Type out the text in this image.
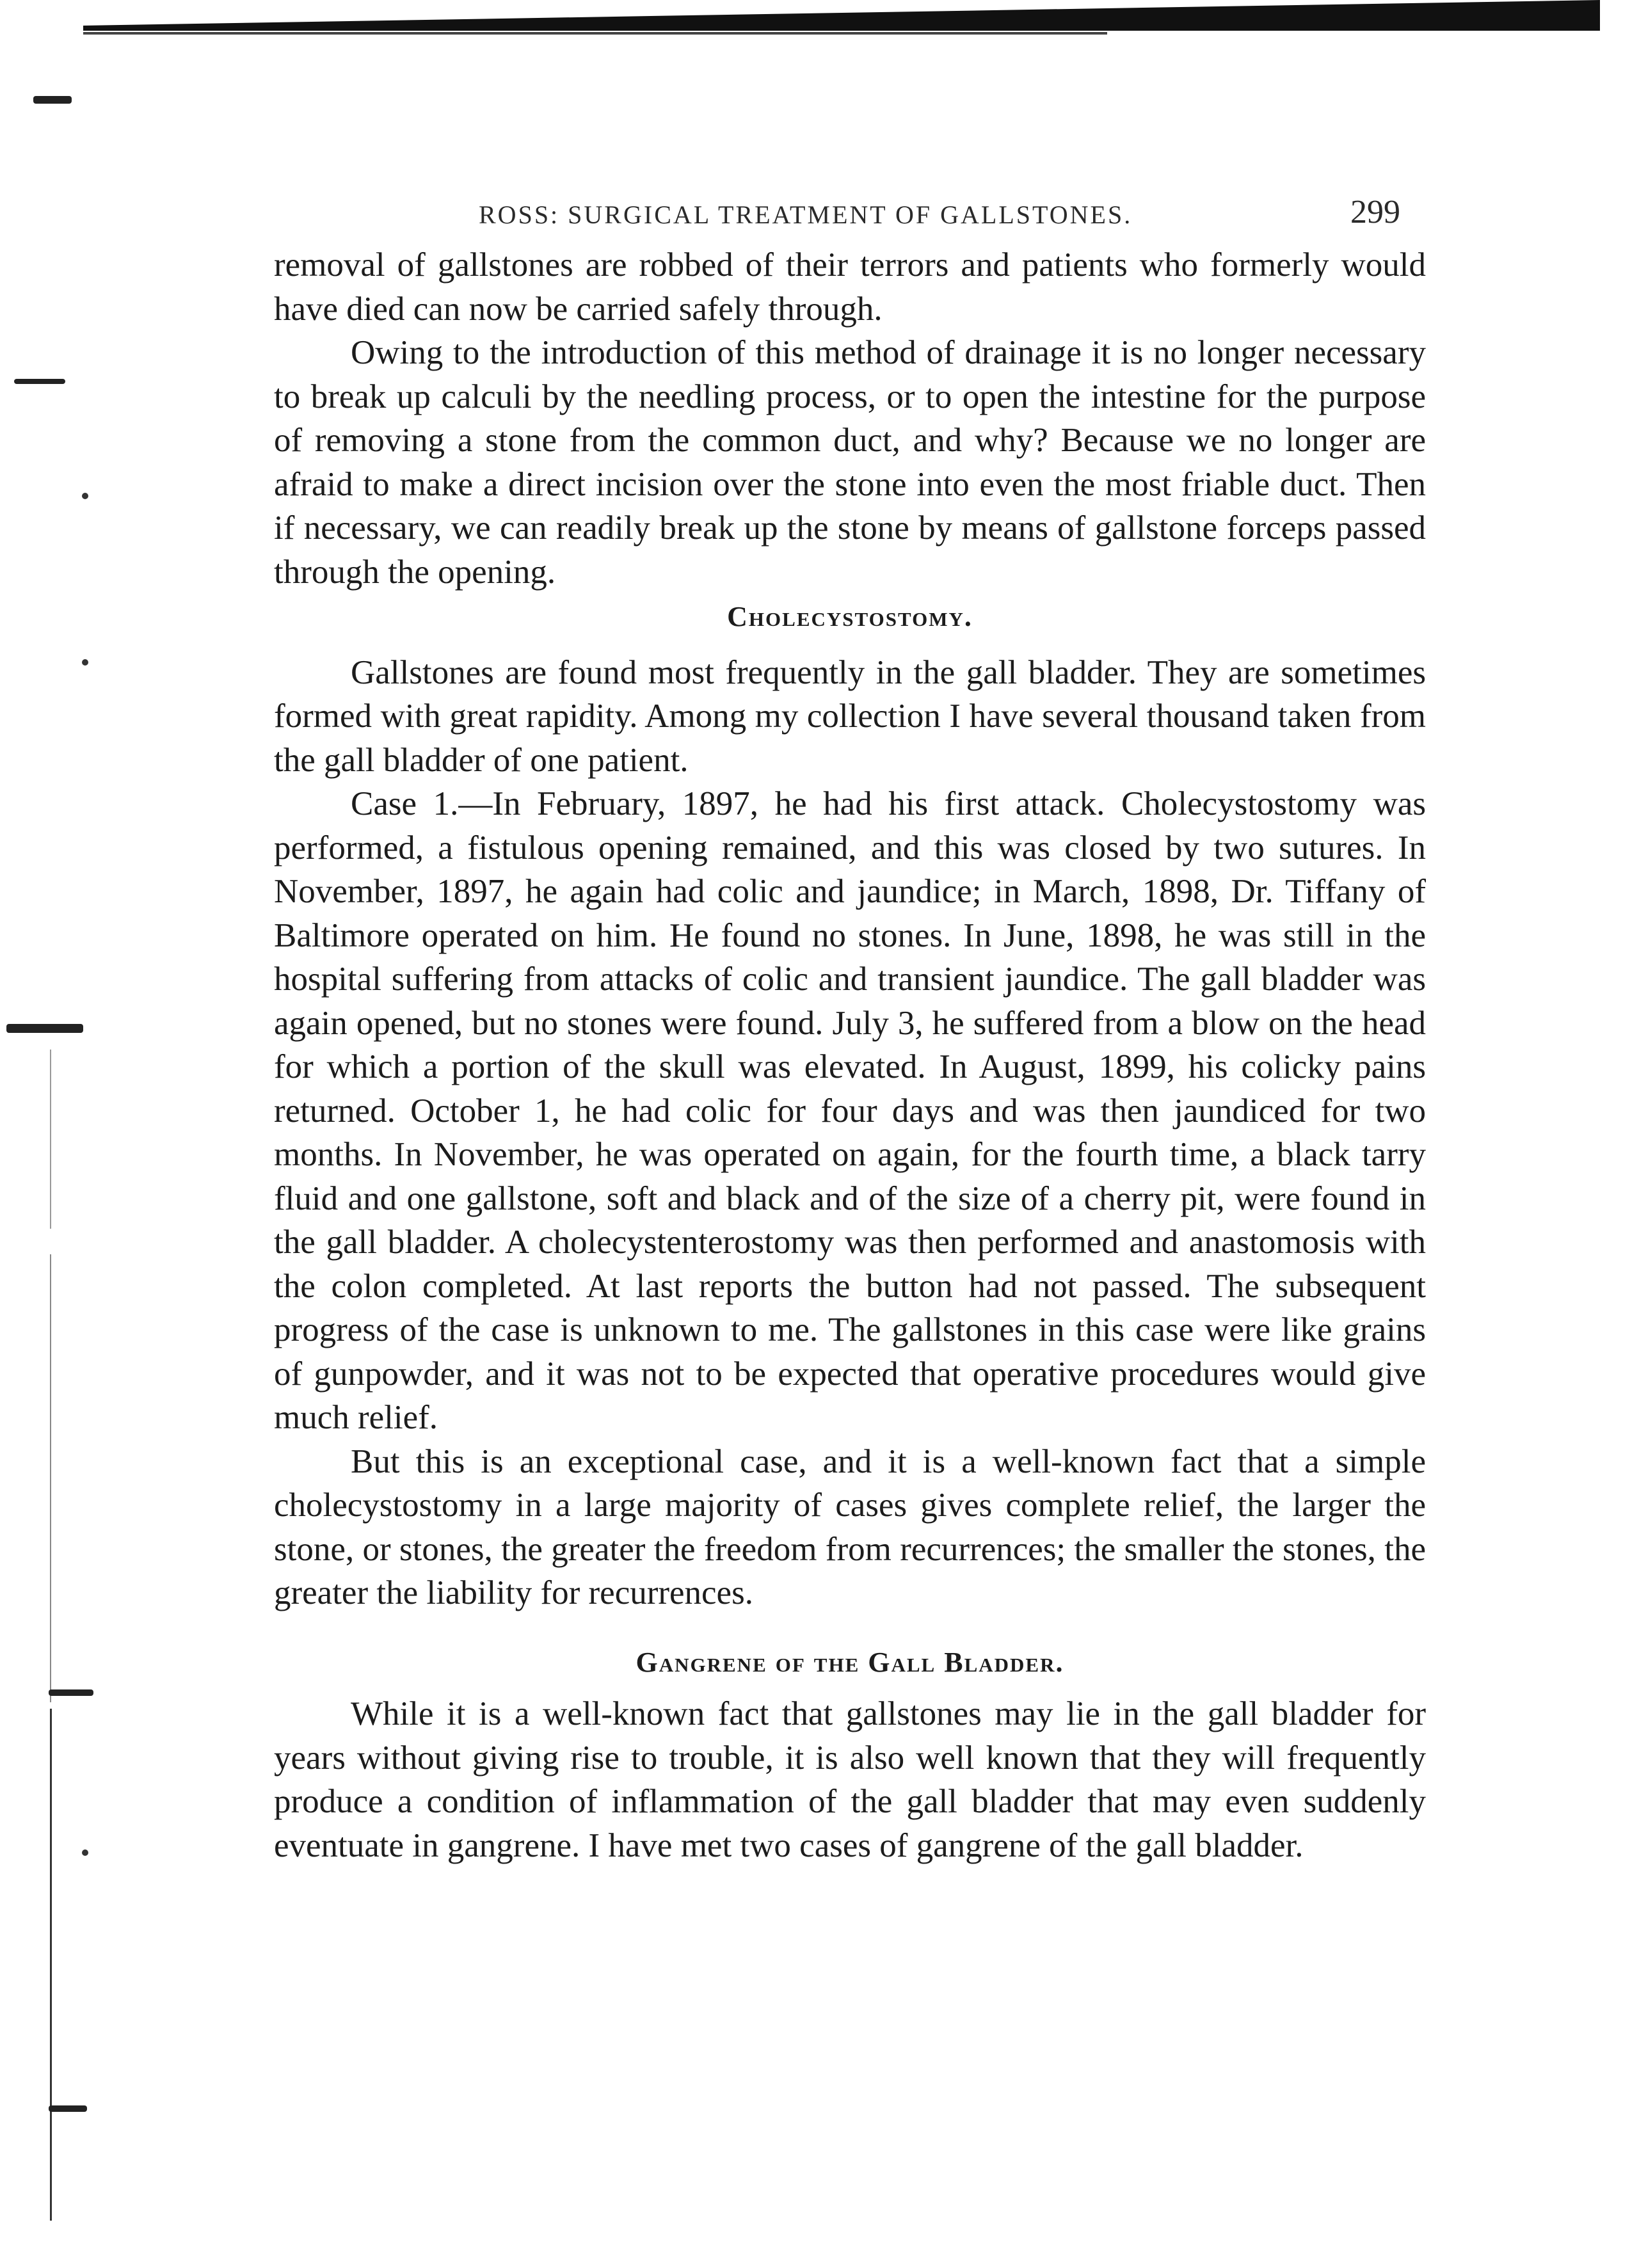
ROSS: SURGICAL TREATMENT OF GALLSTONES.	299

removal of gallstones are robbed of their terrors and patients who formerly would have died can now be carried safely through.

Owing to the introduction of this method of drainage it is no longer necessary to break up calculi by the needling process, or to open the intestine for the purpose of removing a stone from the common duct, and why? Because we no longer are afraid to make a direct incision over the stone into even the most friable duct. Then if necessary, we can readily break up the stone by means of gallstone forceps passed through the opening.

Cholecystostomy.

Gallstones are found most frequently in the gall bladder. They are sometimes formed with great rapidity. Among my collection I have several thousand taken from the gall bladder of one patient.

Case 1.—In February, 1897, he had his first attack. Cholecystostomy was performed, a fistulous opening remained, and this was closed by two sutures. In November, 1897, he again had colic and jaundice; in March, 1898, Dr. Tiffany of Baltimore operated on him. He found no stones. In June, 1898, he was still in the hospital suffering from attacks of colic and transient jaundice. The gall bladder was again opened, but no stones were found. July 3, he suffered from a blow on the head for which a portion of the skull was elevated. In August, 1899, his colicky pains returned. October 1, he had colic for four days and was then jaundiced for two months. In November, he was operated on again, for the fourth time, a black tarry fluid and one gallstone, soft and black and of the size of a cherry pit, were found in the gall bladder. A cholecystenterostomy was then performed and anastomosis with the colon completed. At last reports the button had not passed. The subsequent progress of the case is unknown to me. The gallstones in this case were like grains of gunpowder, and it was not to be expected that operative procedures would give much relief.

But this is an exceptional case, and it is a well-known fact that a simple cholecystostomy in a large majority of cases gives complete relief, the larger the stone, or stones, the greater the freedom from recurrences; the smaller the stones, the greater the liability for recurrences.

Gangrene of the Gall Bladder.

While it is a well-known fact that gallstones may lie in the gall bladder for years without giving rise to trouble, it is also well known that they will frequently produce a condition of inflammation of the gall bladder that may even suddenly eventuate in gangrene. I have met two cases of gangrene of the gall bladder.
